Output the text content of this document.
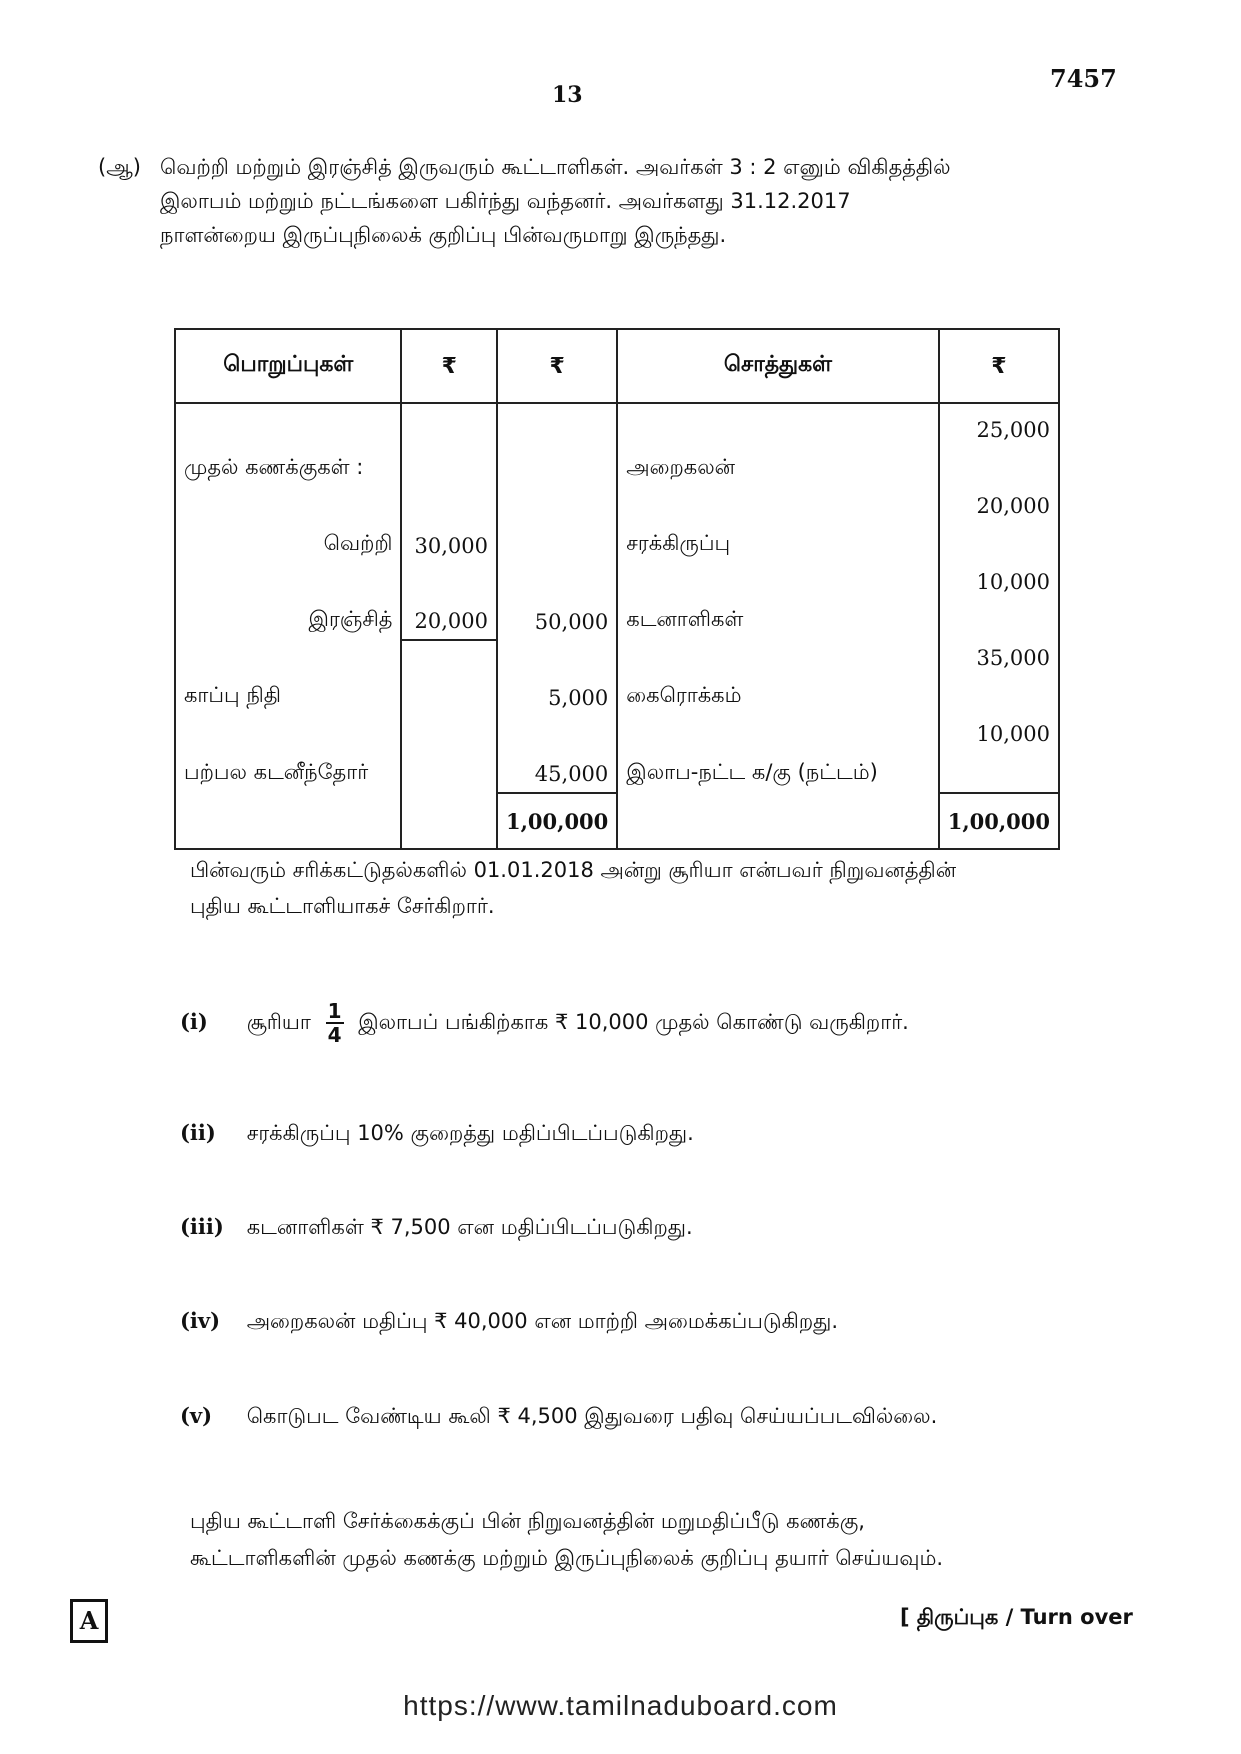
13
7457
(ஆ) வெற்றி மற்றும் இரஞ்சித் இருவரும் கூட்டாளிகள். அவர்கள் 3 : 2 எனும் விகிதத்தில்
இலாபம் மற்றும் நட்டங்களை பகிர்ந்து வந்தனர். அவர்களது 31.12.2017
நாளன்றைய இருப்புநிலைக் குறிப்பு பின்வருமாறு இருந்தது.
பொறுப்புகள்	₹	₹	சொத்துகள்	₹
முதல் கணக்குகள் :			அறைகலன்	25,000
வெற்றி	30,000		சரக்கிருப்பு	20,000
இரஞ்சித்	20,000	50,000	கடனாளிகள்	10,000
காப்பு நிதி		5,000	கைரொக்கம்	35,000
பற்பல கடனீந்தோர்		45,000	இலாப-நட்ட க/கு (நட்டம்)	10,000
		1,00,000		1,00,000
பின்வரும் சரிக்கட்டுதல்களில் 01.01.2018 அன்று சூரியா என்பவர் நிறுவனத்தின்
புதிய கூட்டாளியாகச் சேர்கிறார்.
(i) சூரியா $\frac{1}{4}$ இலாபப் பங்கிற்காக ₹ 10,000 முதல் கொண்டு வருகிறார்.
(ii) சரக்கிருப்பு 10% குறைத்து மதிப்பிடப்படுகிறது.
(iii) கடனாளிகள் ₹ 7,500 என மதிப்பிடப்படுகிறது.
(iv) அறைகலன் மதிப்பு ₹ 40,000 என மாற்றி அமைக்கப்படுகிறது.
(v) கொடுபட வேண்டிய கூலி ₹ 4,500 இதுவரை பதிவு செய்யப்படவில்லை.
புதிய கூட்டாளி சேர்க்கைக்குப் பின் நிறுவனத்தின் மறுமதிப்பீடு கணக்கு,
கூட்டாளிகளின் முதல் கணக்கு மற்றும் இருப்புநிலைக் குறிப்பு தயார் செய்யவும்.
A	[ திருப்புக / Turn over
https://www.tamilnaduboard.com
